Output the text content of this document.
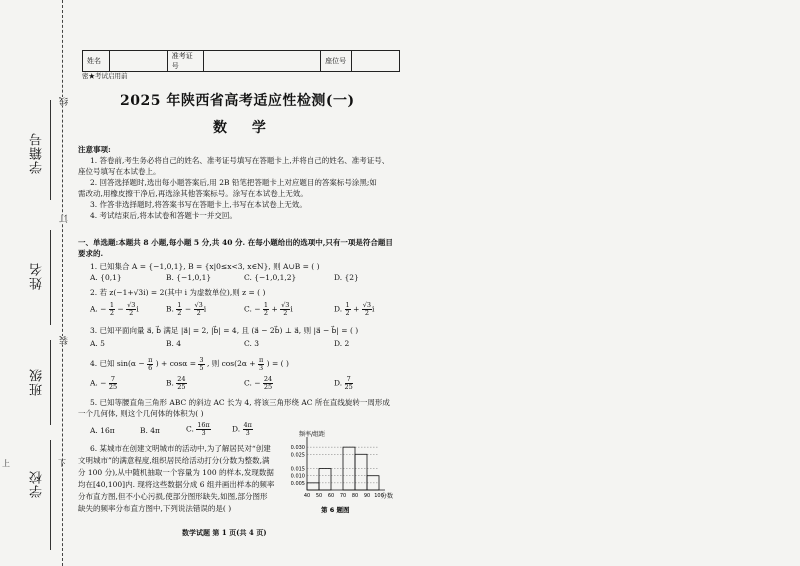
学籍号
姓名
班级
学校
线
订
装
上	下
姓名		准考证号		座位号	
密★考试启用前
2025 年陕西省高考适应性检测(一)
数 学
注意事项:
1. 答卷前,考生务必将自己的姓名、准考证号填写在答题卡上,并将自己的姓名、准考证号、
座位号填写在本试卷上。
2. 回答选择题时,选出每小题答案后,用 2B 铅笔把答题卡上对应题目的答案标号涂黑;如
需改动,用橡皮擦干净后,再选涂其他答案标号。涂写在本试卷上无效。
3. 作答非选择题时,将答案书写在答题卡上,书写在本试卷上无效。
4. 考试结束后,将本试卷和答题卡一并交回。
一、单选题:本题共 8 小题,每小题 5 分,共 40 分. 在每小题给出的选项中,只有一项是符合题目
要求的.
1. 已知集合 A = {−1,0,1}, B = {x|0≤x<3, x∈N}, 则 A∪B = ( )
A. {0,1}	B. {−1,0,1}	C. {−1,0,1,2}	D. {2}
2. 若 z(−1+√3i) = 2(其中 i 为虚数单位),则 z = ( )
A. − $\frac{1}{2} - \frac{√3}{2}$ i	B. $\frac{1}{2} - \frac{√3}{2}$ i	C. − $\frac{1}{2} + \frac{√3}{2}$ i	D. $\frac{1}{2} + \frac{√3}{2}$ i
3. 已知平面向量 a⃗, b⃗ 满足 |a⃗| = 2, |b⃗| = 4, 且 (a⃗ − 2b⃗) ⊥ a⃗, 则 |a⃗ − b⃗| = ( )
A. 5	B. 4	C. 3	D. 2
4. 已知 $\sin(\alpha - \frac{\pi}{6}$ ) + $\cos\alpha = \frac{3}{5}$ , 则 $\cos(2\alpha + \frac{\pi}{3}$ ) = ( )
A. − $\frac{7}{25}$	B. $\frac{24}{25}$	C. − $\frac{24}{25}$	D. $\frac{7}{25}$
5. 已知等腰直角三角形 ABC 的斜边 AC 长为 4, 将该三角形绕 AC 所在直线旋转一周形成
一个几何体, 则这个几何体的体积为( )
A. 16π	B. 4π	C. $\frac{16\pi}{3}$	D. $\frac{4\pi}{3}$
6. 某城市在创建文明城市的活动中,为了解居民对“创建
文明城市”的满意程度,组织居民给活动打分(分数为整数,满
分 100 分),从中随机抽取一个容量为 100 的样本,发现数据
均在[40,100]内. 现将这些数据分成 6 组并画出样本的频率
分布直方图,但不小心污损,使部分图形缺失,如图,部分图形
缺失的频率分布直方图中,下列说法错误的是( )
频率/组距
分数
第 6 题图
0.030
0.025
0.015
0.010
0.005
40 50 60 70 80 90 100
数学试题 第 1 页(共 4 页)
